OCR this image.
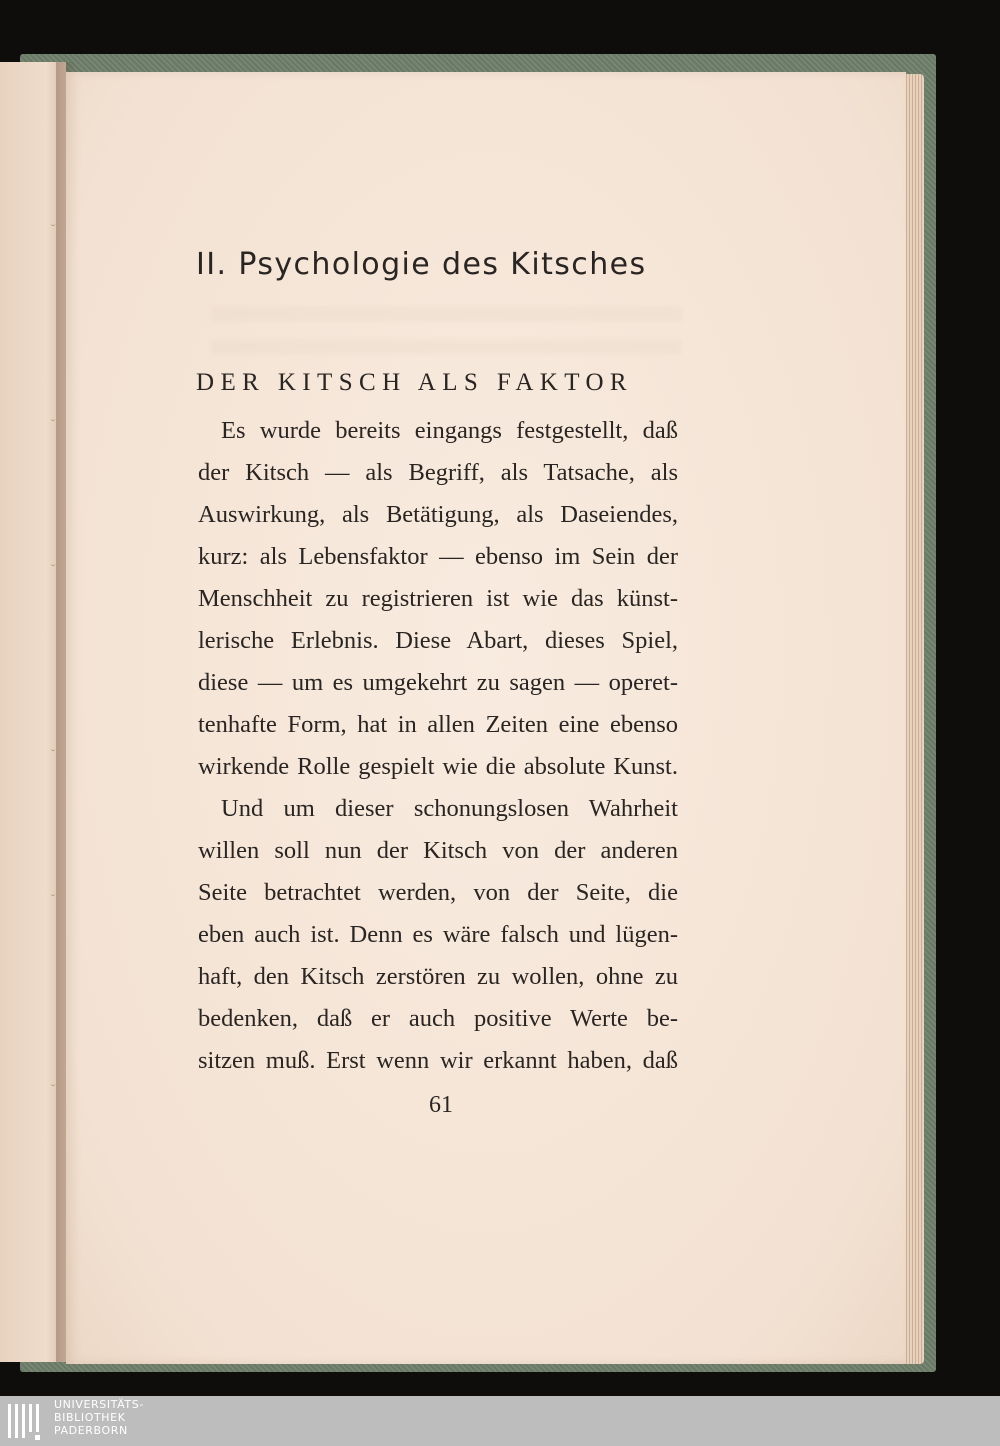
˘
˘
˘
˘
˘
˘
II. Psychologie des Kitsches
DER KITSCH ALS FAKTOR
Es wurde bereits eingangs festgestellt, daß
der Kitsch — als Begriff, als Tatsache, als
Auswirkung, als Betätigung, als Daseiendes,
kurz: als Lebensfaktor — ebenso im Sein der
Menschheit zu registrieren ist wie das künst-
lerische Erlebnis. Diese Abart, dieses Spiel,
diese — um es umgekehrt zu sagen — operet-
tenhafte Form, hat in allen Zeiten eine ebenso
wirkende Rolle gespielt wie die absolute Kunst.
Und um dieser schonungslosen Wahrheit
willen soll nun der Kitsch von der anderen
Seite betrachtet werden, von der Seite, die
eben auch ist. Denn es wäre falsch und lügen-
haft, den Kitsch zerstören zu wollen, ohne zu
bedenken, daß er auch positive Werte be-
sitzen muß. Erst wenn wir erkannt haben, daß
61
UNIVERSITÄTS-
BIBLIOTHEK
PADERBORN
